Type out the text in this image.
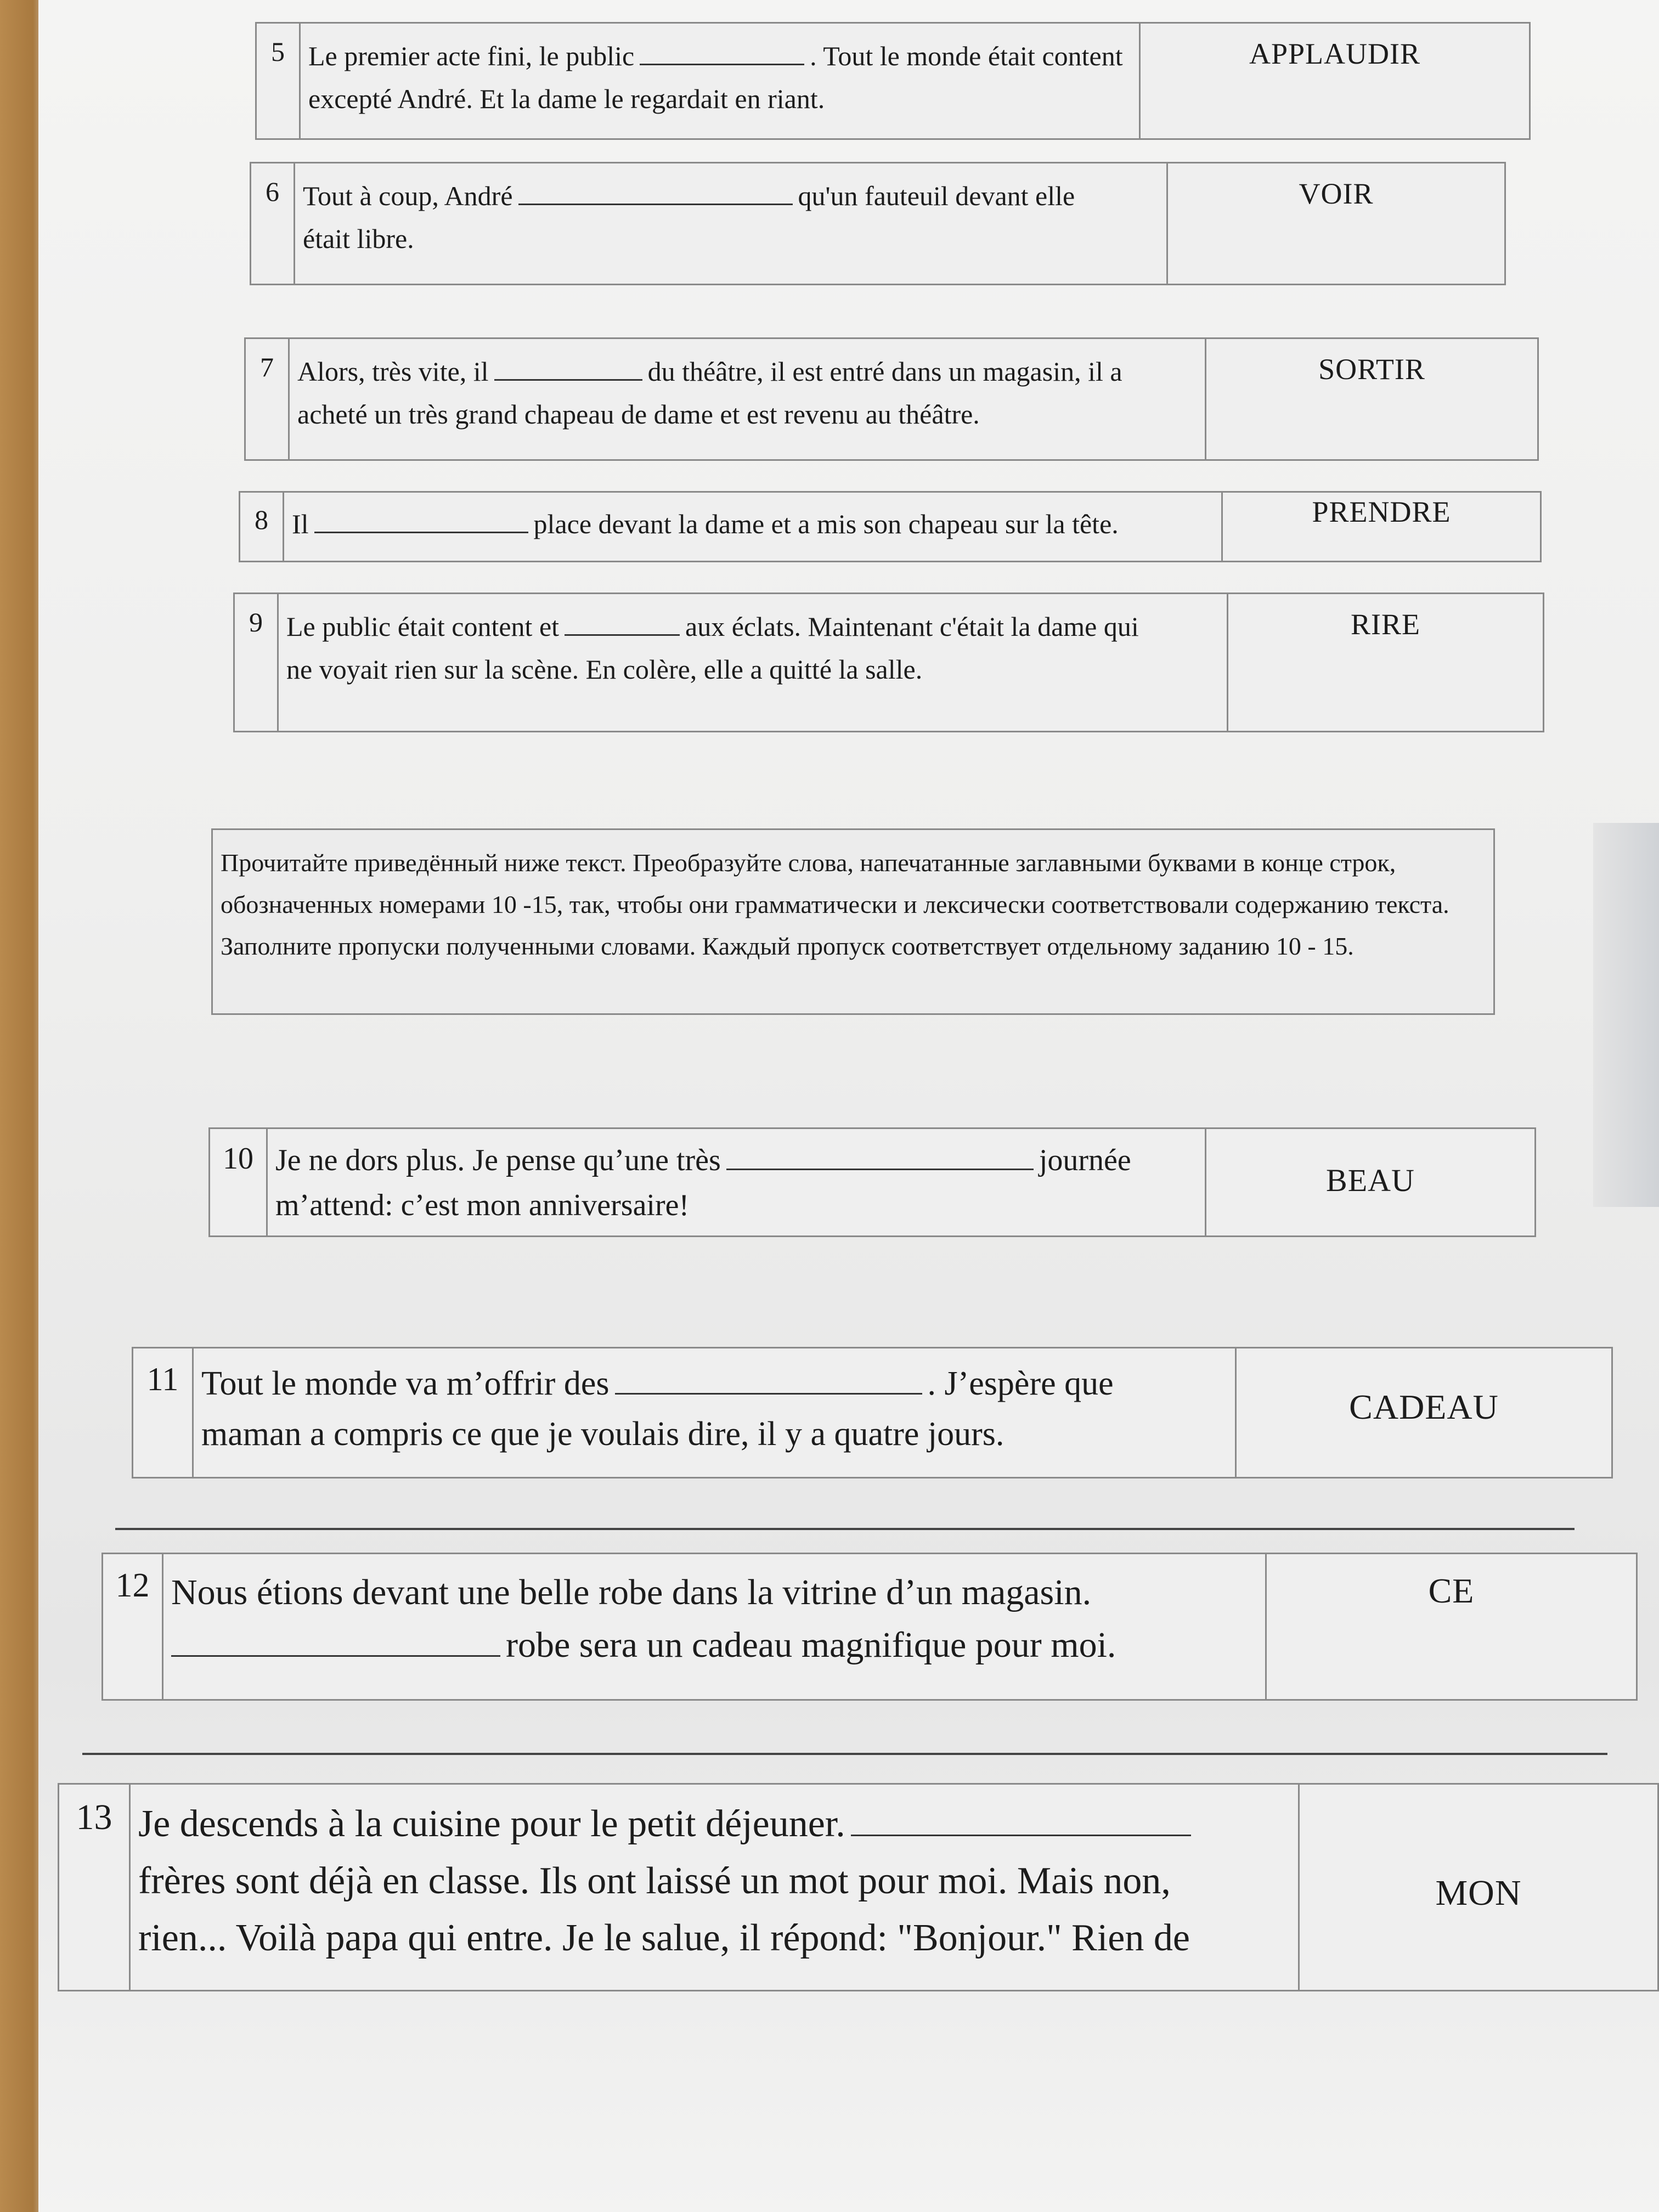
5 Le premier acte fini, le public	. Tout le monde était content
excepté André. Et la dame le regardait en riant.
APPLAUDIR
6 Tout à coup, André	qu'un fauteuil devant elle
était libre.
VOIR
7 Alors, très vite, il	du théâtre, il est entré dans un magasin, il a
acheté un très grand chapeau de dame et est revenu au théâtre.
SORTIR
8 Il	place devant la dame et a mis son chapeau sur la tête.	PRENDRE
9 Le public était content et	aux éclats. Maintenant c'était la dame qui
ne voyait rien sur la scène. En colère, elle a quitté la salle.
RIRE
Прочитайте приведённый ниже текст. Преобразуйте слова, напечатанные заглавными буквами в конце строк, обозначенных номерами 10 -15, так, чтобы они грамматически и лексически соответствовали содержанию текста. Заполните пропуски полученными словами. Каждый пропуск соответствует отдельному заданию 10 - 15.
10 Je ne dors plus. Je pense qu’une très	journée
m’attend: c’est mon anniversaire!
BEAU
11 Tout le monde va m’offrir des	. J’espère que
maman a compris ce que je voulais dire, il y a quatre jours.
CADEAU
12 Nous étions devant une belle robe dans la vitrine d’un magasin.
robe sera un cadeau magnifique pour moi.
CE
13 Je descends à la cuisine pour le petit déjeuner.
frères sont déjà en classe. Ils ont laissé un mot pour moi. Mais non,
rien... Voilà papa qui entre. Je le salue, il répond: "Bonjour." Rien de
MON
